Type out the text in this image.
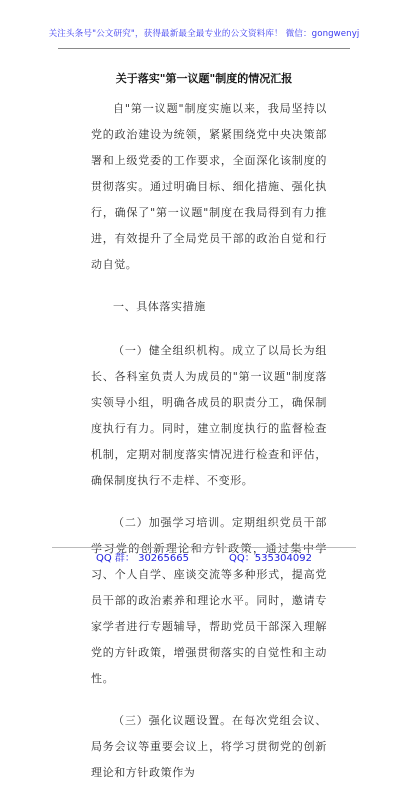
关注头条号"公文研究"，获得最新最全最专业的公文资料库！ 微信：gongwenyj
关于落实"第一议题"制度的情况汇报

自"第一议题"制度实施以来，我局坚持以党的政治建设为统领，紧紧围绕党中央决策部署和上级党委的工作要求，全面深化该制度的贯彻落实。通过明确目标、细化措施、强化执行，确保了"第一议题"制度在我局得到有力推进，有效提升了全局党员干部的政治自觉和行动自觉。

一、具体落实措施

（一）健全组织机构。成立了以局长为组长、各科室负责人为成员的"第一议题"制度落实领导小组，明确各成员的职责分工，确保制度执行有力。同时，建立制度执行的监督检查机制，定期对制度落实情况进行检查和评估，确保制度执行不走样、不变形。

（二）加强学习培训。定期组织党员干部学习党的创新理论和方针政策，通过集中学习、个人自学、座谈交流等多种形式，提高党员干部的政治素养和理论水平。同时，邀请专家学者进行专题辅导，帮助党员干部深入理解党的方针政策，增强贯彻落实的自觉性和主动性。

（三）强化议题设置。在每次党组会议、局务会议等重要会议上，将学习贯彻党的创新理论和方针政策作为

QQ 群： 30265665	QQ：535304092
